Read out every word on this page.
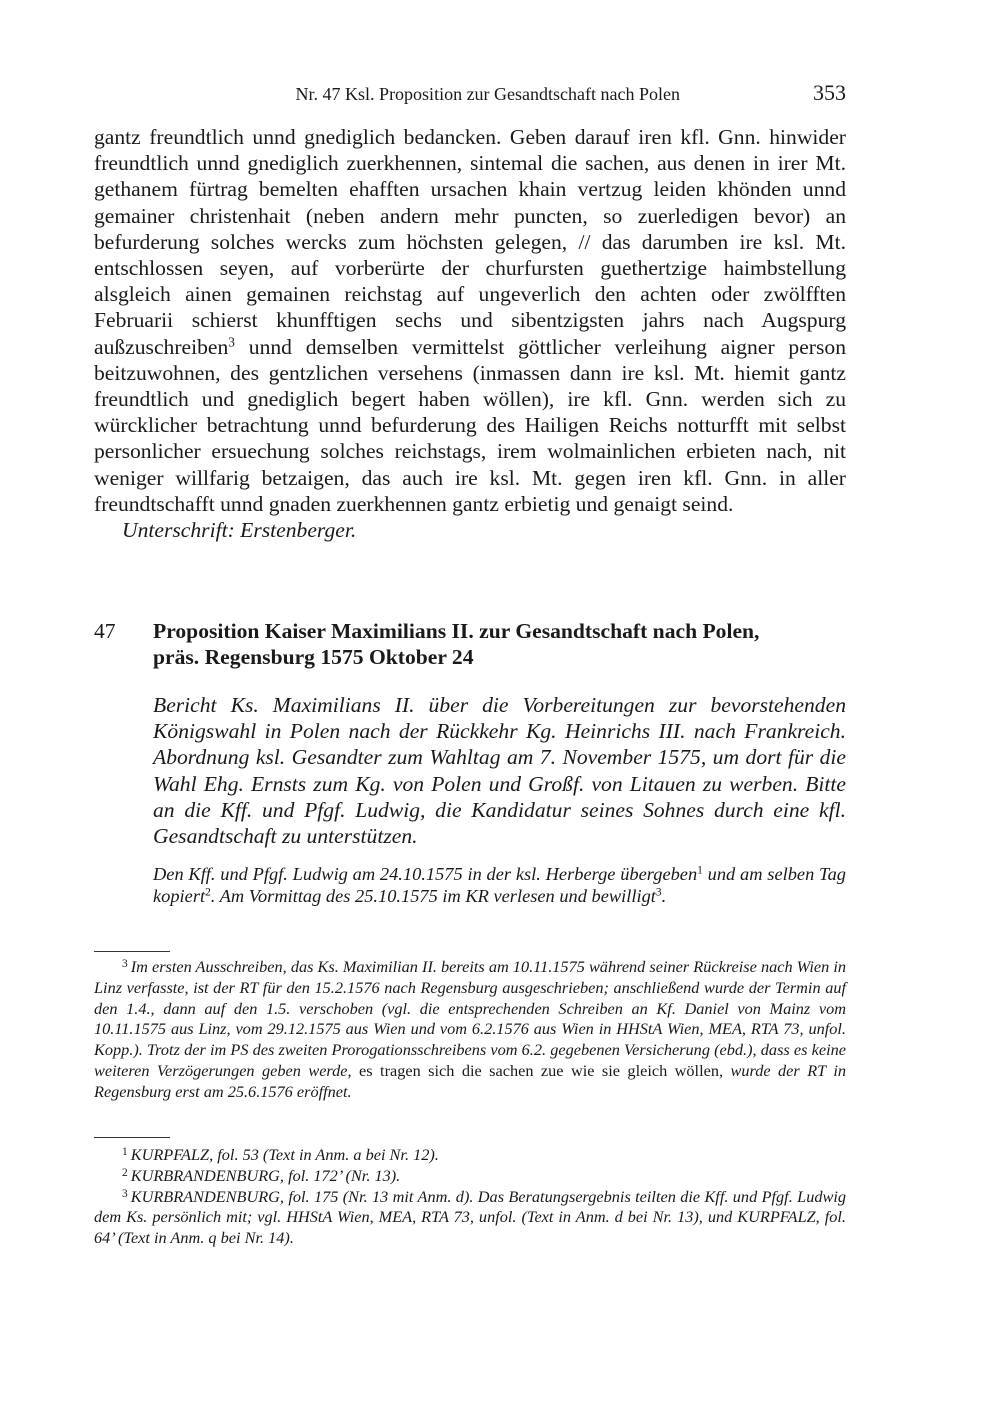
Nr. 47 Ksl. Proposition zur Gesandtschaft nach Polen	353

gantz freundtlich unnd gnediglich bedancken. Geben darauf iren kfl. Gnn. hinwider freundtlich unnd gnediglich zuerkhennen, sintemal die sachen, aus denen in irer Mt. gethanem fürtrag bemelten ehafften ursachen khain vertzug leiden khönden unnd gemainer christenhait (neben andern mehr puncten, so zuerledigen bevor) an befurderung solches wercks zum höchsten gelegen, // das darumben ire ksl. Mt. entschlossen seyen, auf vorberürte der churfursten guethertzige haimbstellung alsgleich ainen gemainen reichstag auf ungeverlich den achten oder zwölfften Februarii schierst khunfftigen sechs und sibentzigsten jahrs nach Augspurg außzuschreiben$^3$ unnd demselben vermittelst göttlicher verleihung aigner person beitzuwohnen, des gentzlichen versehens (inmassen dann ire ksl. Mt. hiemit gantz freundtlich und gnediglich begert haben wöllen), ire kfl. Gnn. werden sich zu würcklicher betrachtung unnd befurderung des Hailigen Reichs notturfft mit selbst personlicher ersuechung solches reichstags, irem wolmainlichen erbieten nach, nit weniger willfarig betzaigen, das auch ire ksl. Mt. gegen iren kfl. Gnn. in aller freundtschafft unnd gnaden zuerkhennen gantz erbietig und genaigt seind.

Unterschrift: Erstenberger.

47 Proposition Kaiser Maximilians II. zur Gesandtschaft nach Polen,
präs. Regensburg 1575 Oktober 24
Bericht Ks. Maximilians II. über die Vorbereitungen zur bevorstehenden Königswahl in Polen nach der Rückkehr Kg. Heinrichs III. nach Frankreich. Abordnung ksl. Gesandter zum Wahltag am 7. November 1575, um dort für die Wahl Ehg. Ernsts zum Kg. von Polen und Großf. von Litauen zu werben. Bitte an die Kff. und Pfgf. Ludwig, die Kandidatur seines Sohnes durch eine kfl. Gesandtschaft zu unterstützen.
Den Kff. und Pfgf. Ludwig am 24.10.1575 in der ksl. Herberge übergeben$^1$ und am selben Tag kopiert$^2$. Am Vormittag des 25.10.1575 im KR verlesen und bewilligt$^3$.

$^3$ Im ersten Ausschreiben, das Ks. Maximilian II. bereits am 10.11.1575 während seiner Rückreise nach Wien in Linz verfasste, ist der RT für den 15.2.1576 nach Regensburg ausgeschrieben; anschließend wurde der Termin auf den 1.4., dann auf den 1.5. verschoben (vgl. die entsprechenden Schreiben an Kf. Daniel von Mainz vom 10.11.1575 aus Linz, vom 29.12.1575 aus Wien und vom 6.2.1576 aus Wien in HHStA Wien, MEA, RTA 73, unfol. Kopp.). Trotz der im PS des zweiten Prorogationsschreibens vom 6.2. gegebenen Versicherung (ebd.), dass es keine weiteren Verzögerungen geben werde, es tragen sich die sachen zue wie sie gleich wöllen, wurde der RT in Regensburg erst am 25.6.1576 eröffnet.

$^1$ KURPFALZ, fol. 53 (Text in Anm. a bei Nr. 12).

$^2$ KURBRANDENBURG, fol. 172’ (Nr. 13).

$^3$ KURBRANDENBURG, fol. 175 (Nr. 13 mit Anm. d). Das Beratungsergebnis teilten die Kff. und Pfgf. Ludwig dem Ks. persönlich mit; vgl. HHStA Wien, MEA, RTA 73, unfol. (Text in Anm. d bei Nr. 13), und KURPFALZ, fol. 64’ (Text in Anm. q bei Nr. 14).
